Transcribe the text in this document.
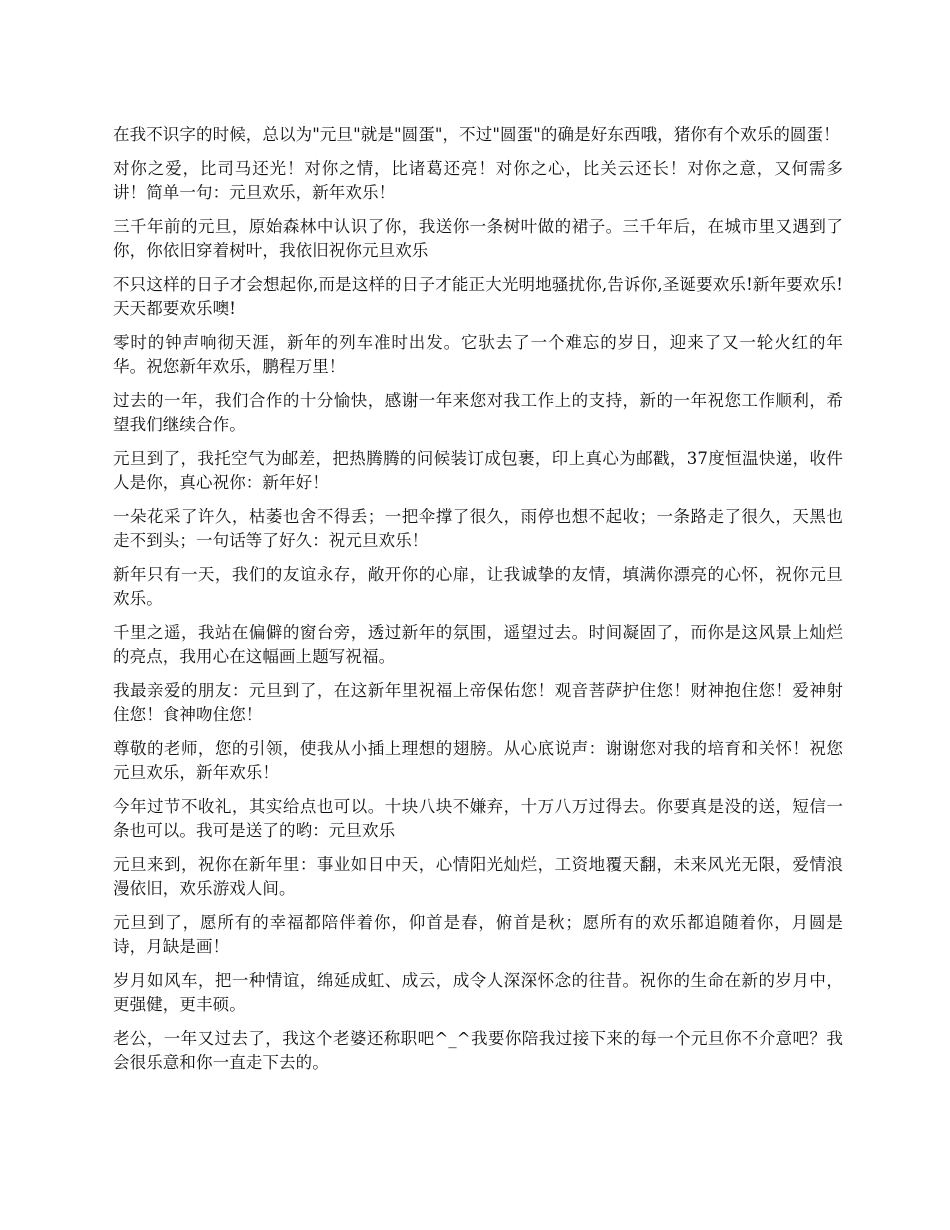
在我不识字的时候，总以为"元旦"就是"圆蛋"，不过"圆蛋"的确是好东西哦，猪你有个欢乐的圆蛋！

对你之爱，比司马还光！对你之情，比诸葛还亮！对你之心，比关云还长！对你之意，又何需多讲！简单一句：元旦欢乐，新年欢乐！

三千年前的元旦，原始森林中认识了你，我送你一条树叶做的裙子。三千年后，在城市里又遇到了你，你依旧穿着树叶，我依旧祝你元旦欢乐

不只这样的日子才会想起你,而是这样的日子才能正大光明地骚扰你,告诉你,圣诞要欢乐!新年要欢乐!天天都要欢乐噢!

零时的钟声响彻天涯，新年的列车准时出发。它驮去了一个难忘的岁日，迎来了又一轮火红的年华。祝您新年欢乐，鹏程万里！

过去的一年，我们合作的十分愉快，感谢一年来您对我工作上的支持，新的一年祝您工作顺利，希望我们继续合作。

元旦到了，我托空气为邮差，把热腾腾的问候装订成包裹，印上真心为邮戳，37度恒温快递，收件人是你，真心祝你：新年好！

一朵花采了许久，枯萎也舍不得丢；一把伞撑了很久，雨停也想不起收；一条路走了很久，天黑也走不到头；一句话等了好久：祝元旦欢乐！

新年只有一天，我们的友谊永存，敞开你的心扉，让我诚挚的友情，填满你漂亮的心怀，祝你元旦欢乐。

千里之遥，我站在偏僻的窗台旁，透过新年的氛围，遥望过去。时间凝固了，而你是这风景上灿烂的亮点，我用心在这幅画上题写祝福。

我最亲爱的朋友：元旦到了，在这新年里祝福上帝保佑您！观音菩萨护住您！财神抱住您！爱神射住您！食神吻住您！

尊敬的老师，您的引领，使我从小插上理想的翅膀。从心底说声：谢谢您对我的培育和关怀！祝您元旦欢乐，新年欢乐！

今年过节不收礼，其实给点也可以。十块八块不嫌弃，十万八万过得去。你要真是没的送，短信一条也可以。我可是送了的哟：元旦欢乐

元旦来到，祝你在新年里：事业如日中天，心情阳光灿烂，工资地覆天翻，未来风光无限，爱情浪漫依旧，欢乐游戏人间。

元旦到了，愿所有的幸福都陪伴着你，仰首是春，俯首是秋；愿所有的欢乐都追随着你，月圆是诗，月缺是画！

岁月如风车，把一种情谊，绵延成虹、成云，成令人深深怀念的往昔。祝你的生命在新的岁月中，更强健，更丰硕。

老公，一年又过去了，我这个老婆还称职吧^_^我要你陪我过接下来的每一个元旦你不介意吧？我会很乐意和你一直走下去的。
